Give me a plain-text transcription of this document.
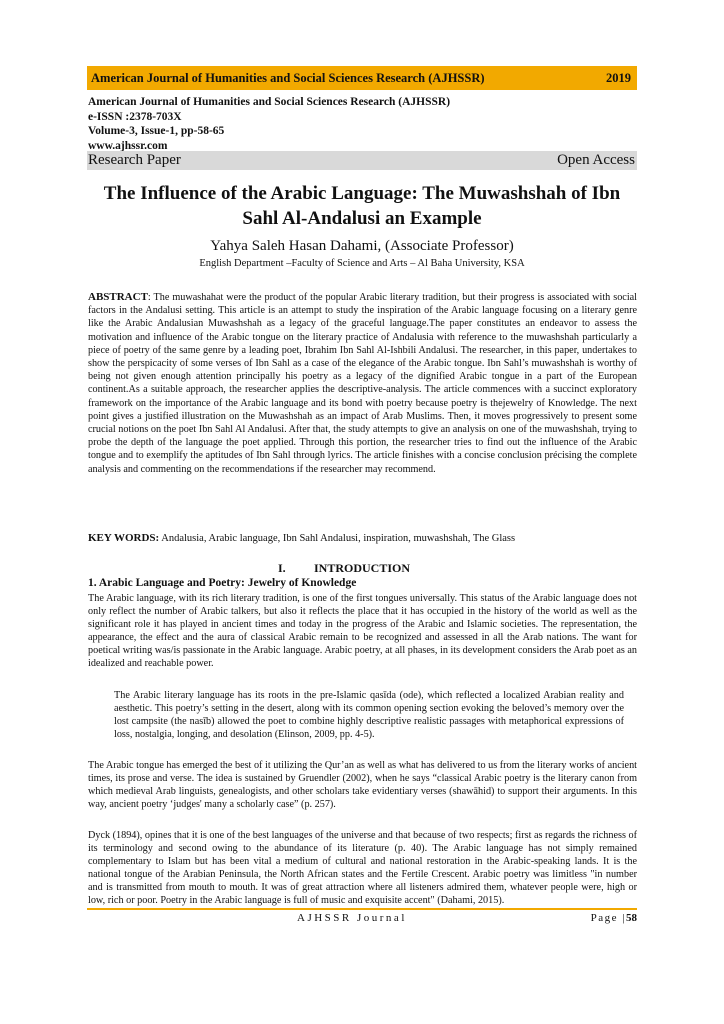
American Journal of Humanities and Social Sciences Research (AJHSSR)	2019
American Journal of Humanities and Social Sciences Research (AJHSSR)
e-ISSN :2378-703X
Volume-3, Issue-1, pp-58-65
www.ajhssr.com
Research Paper	Open Access
The Influence of the Arabic Language: The Muwashshah of Ibn
Sahl Al-Andalusi an Example
Yahya Saleh Hasan Dahami, (Associate Professor)
English Department –Faculty of Science and Arts – Al Baha University, KSA
ABSTRACT: The muwashahat were the product of the popular Arabic literary tradition, but their progress is associated with social factors in the Andalusi setting. This article is an attempt to study the inspiration of the Arabic language focusing on a literary genre like the Arabic Andalusian Muwashshah as a legacy of the graceful language.The paper constitutes an endeavor to assess the motivation and influence of the Arabic tongue on the literary practice of Andalusia with reference to the muwashshah particularly a piece of poetry of the same genre by a leading poet, Ibrahim Ibn Sahl Al-Ishbili Andalusi. The researcher, in this paper, undertakes to show the perspicacity of some verses of Ibn Sahl as a case of the elegance of the Arabic tongue. Ibn Sahl’s muwashshah is worthy of being not given enough attention principally his poetry as a legacy of the dignified Arabic tongue in a part of the European continent.As a suitable approach, the researcher applies the descriptive-analysis. The article commences with a succinct exploratory framework on the importance of the Arabic language and its bond with poetry because poetry is thejewelry of Knowledge. The next point gives a justified illustration on the Muwashshah as an impact of Arab Muslims. Then, it moves progressively to present some crucial notions on the poet Ibn Sahl Al Andalusi. After that, the study attempts to give an analysis on one of the muwashshah, trying to probe the depth of the language the poet applied. Through this portion, the researcher tries to find out the influence of the Arabic tongue and to exemplify the aptitudes of Ibn Sahl through lyrics. The article finishes with a concise conclusion précising the complete analysis and commenting on the recommendations if the researcher may recommend.
KEY WORDS: Andalusia, Arabic language, Ibn Sahl Andalusi, inspiration, muwashshah, The Glass
I. INTRODUCTION
1. Arabic Language and Poetry: Jewelry of Knowledge
The Arabic language, with its rich literary tradition, is one of the first tongues universally. This status of the Arabic language does not only reflect the number of Arabic talkers, but also it reflects the place that it has occupied in the history of the world as well as the significant role it has played in ancient times and today in the progress of the Arabic and Islamic societies. The representation, the appearance, the effect and the aura of classical Arabic remain to be recognized and assessed in all the Arab nations. The want for poetical writing was/is passionate in the Arabic language. Arabic poetry, at all phases, in its development considers the Arab poet as an idealized and reachable power.
The Arabic literary language has its roots in the pre-Islamic qasīda (ode), which reflected a localized Arabian reality and aesthetic. This poetry’s setting in the desert, along with its common opening section evoking the beloved’s memory over the lost campsite (the nasīb) allowed the poet to combine highly descriptive realistic passages with metaphorical expressions of loss, nostalgia, longing, and desolation (Elinson, 2009, pp. 4-5).
The Arabic tongue has emerged the best of it utilizing the Qur’an as well as what has delivered to us from the literary works of ancient times, its prose and verse. The idea is sustained by Gruendler (2002), when he says “classical Arabic poetry is the literary canon from which medieval Arab linguists, genealogists, and other scholars take evidentiary verses (shawāhid) to support their arguments. In this way, ancient poetry ‘judges' many a scholarly case” (p. 257).
Dyck (1894), opines that it is one of the best languages of the universe and that because of two respects; first as regards the richness of its terminology and second owing to the abundance of its literature (p. 40). The Arabic language has not simply remained complementary to Islam but has been vital a medium of cultural and national restoration in the Arabic-speaking lands. It is the national tongue of the Arabian Peninsula, the North African states and the Fertile Crescent. Arabic poetry was limitless "in number and is transmitted from mouth to mouth. It was of great attraction where all listeners admired them, whatever people were, high or low, rich or poor. Poetry in the Arabic language is full of music and exquisite accent" (Dahami, 2015).
AJHSSR Journal	Page |58
